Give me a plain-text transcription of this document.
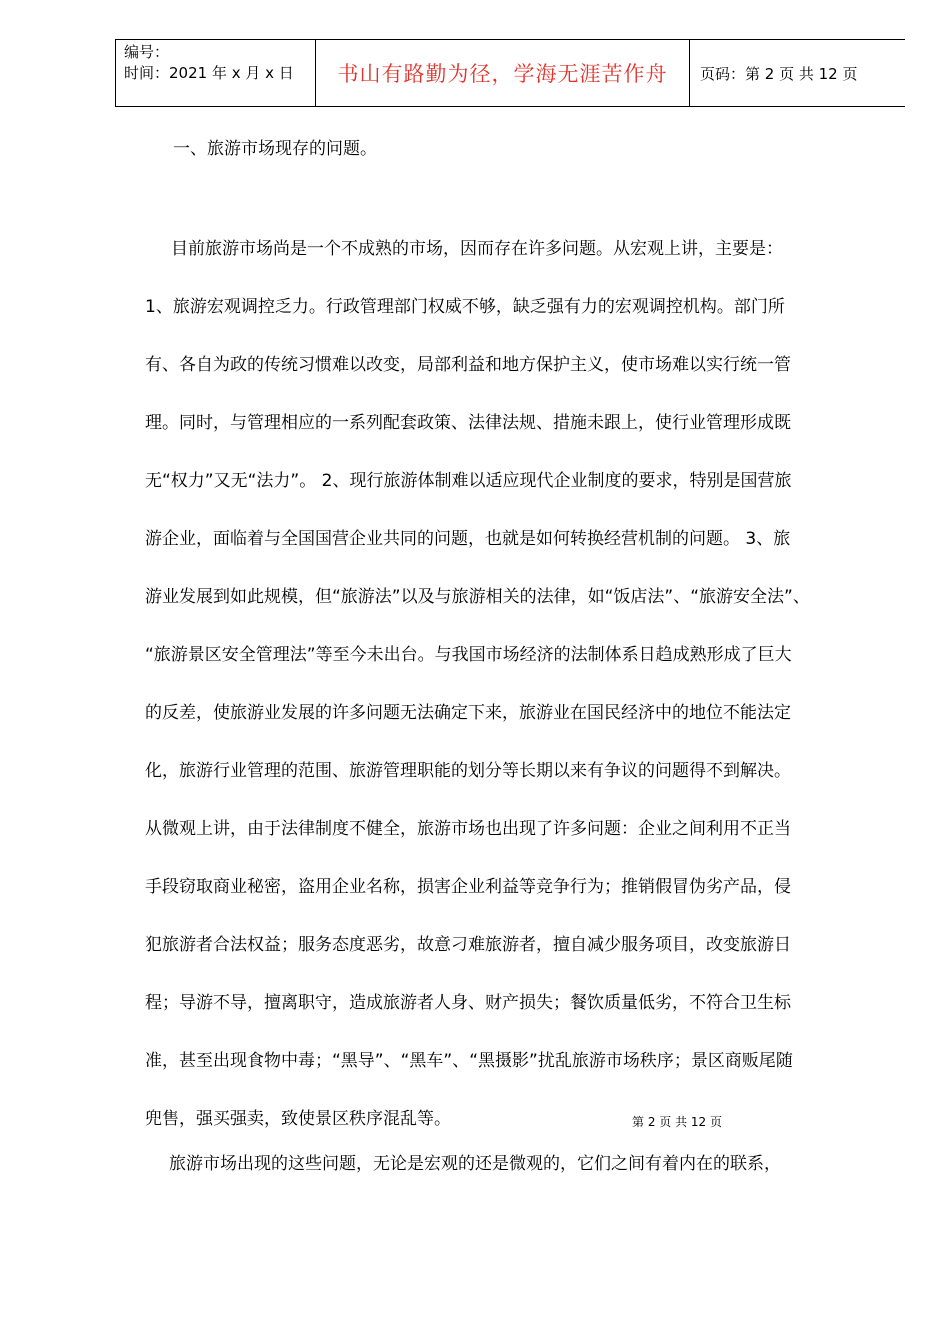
编号：
时间：2021 年 x 月 x 日	书山有路勤为径，学海无涯苦作舟	页码：第 2 页 共 12 页
一、旅游市场现存的问题。
目前旅游市场尚是一个不成熟的市场，因而存在许多问题。从宏观上讲，主要是：
1、旅游宏观调控乏力。行政管理部门权威不够，缺乏强有力的宏观调控机构。部门所
有、各自为政的传统习惯难以改变，局部利益和地方保护主义，使市场难以实行统一管
理。同时，与管理相应的一系列配套政策、法律法规、措施未跟上，使行业管理形成既
无“权力”又无“法力”。 2、现行旅游体制难以适应现代企业制度的要求，特别是国营旅
游企业，面临着与全国国营企业共同的问题，也就是如何转换经营机制的问题。 3、旅
游业发展到如此规模，但“旅游法”以及与旅游相关的法律，如“饭店法”、“旅游安全法”、
“旅游景区安全管理法”等至今未出台。与我国市场经济的法制体系日趋成熟形成了巨大
的反差，使旅游业发展的许多问题无法确定下来，旅游业在国民经济中的地位不能法定
化，旅游行业管理的范围、旅游管理职能的划分等长期以来有争议的问题得不到解决。
从微观上讲，由于法律制度不健全，旅游市场也出现了许多问题：企业之间利用不正当
手段窃取商业秘密，盗用企业名称，损害企业利益等竞争行为；推销假冒伪劣产品，侵
犯旅游者合法权益；服务态度恶劣，故意刁难旅游者，擅自减少服务项目，改变旅游日
程；导游不导，擅离职守，造成旅游者人身、财产损失；餐饮质量低劣，不符合卫生标
准，甚至出现食物中毒；“黑导”、“黑车”、“黑摄影”扰乱旅游市场秩序；景区商贩尾随
兜售，强买强卖，致使景区秩序混乱等。
旅游市场出现的这些问题，无论是宏观的还是微观的，它们之间有着内在的联系，
第 2 页 共 12 页
